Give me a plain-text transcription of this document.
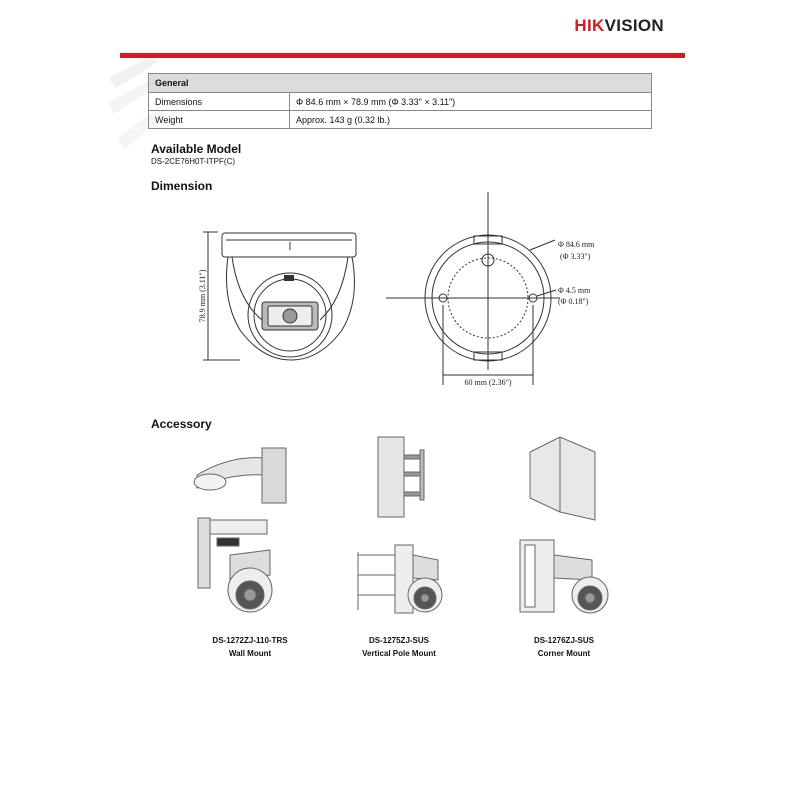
HIKVISION
General	
Dimensions	Φ 84.6 mm × 78.9 mm (Φ 3.33" × 3.11")
Weight	Approx. 143 g (0.32 lb.)
Available Model
DS-2CE76H0T-ITPF(C)
Dimension
78.9 mm (3.11")
Φ 84.6 mm
(Φ 3.33")
Φ 4.5 mm
(Φ 0.18")
60 mm (2.36")
Accessory
DS-1272ZJ-110-TRS
Wall Mount
DS-1275ZJ-SUS
Vertical Pole Mount
DS-1276ZJ-SUS
Corner Mount
